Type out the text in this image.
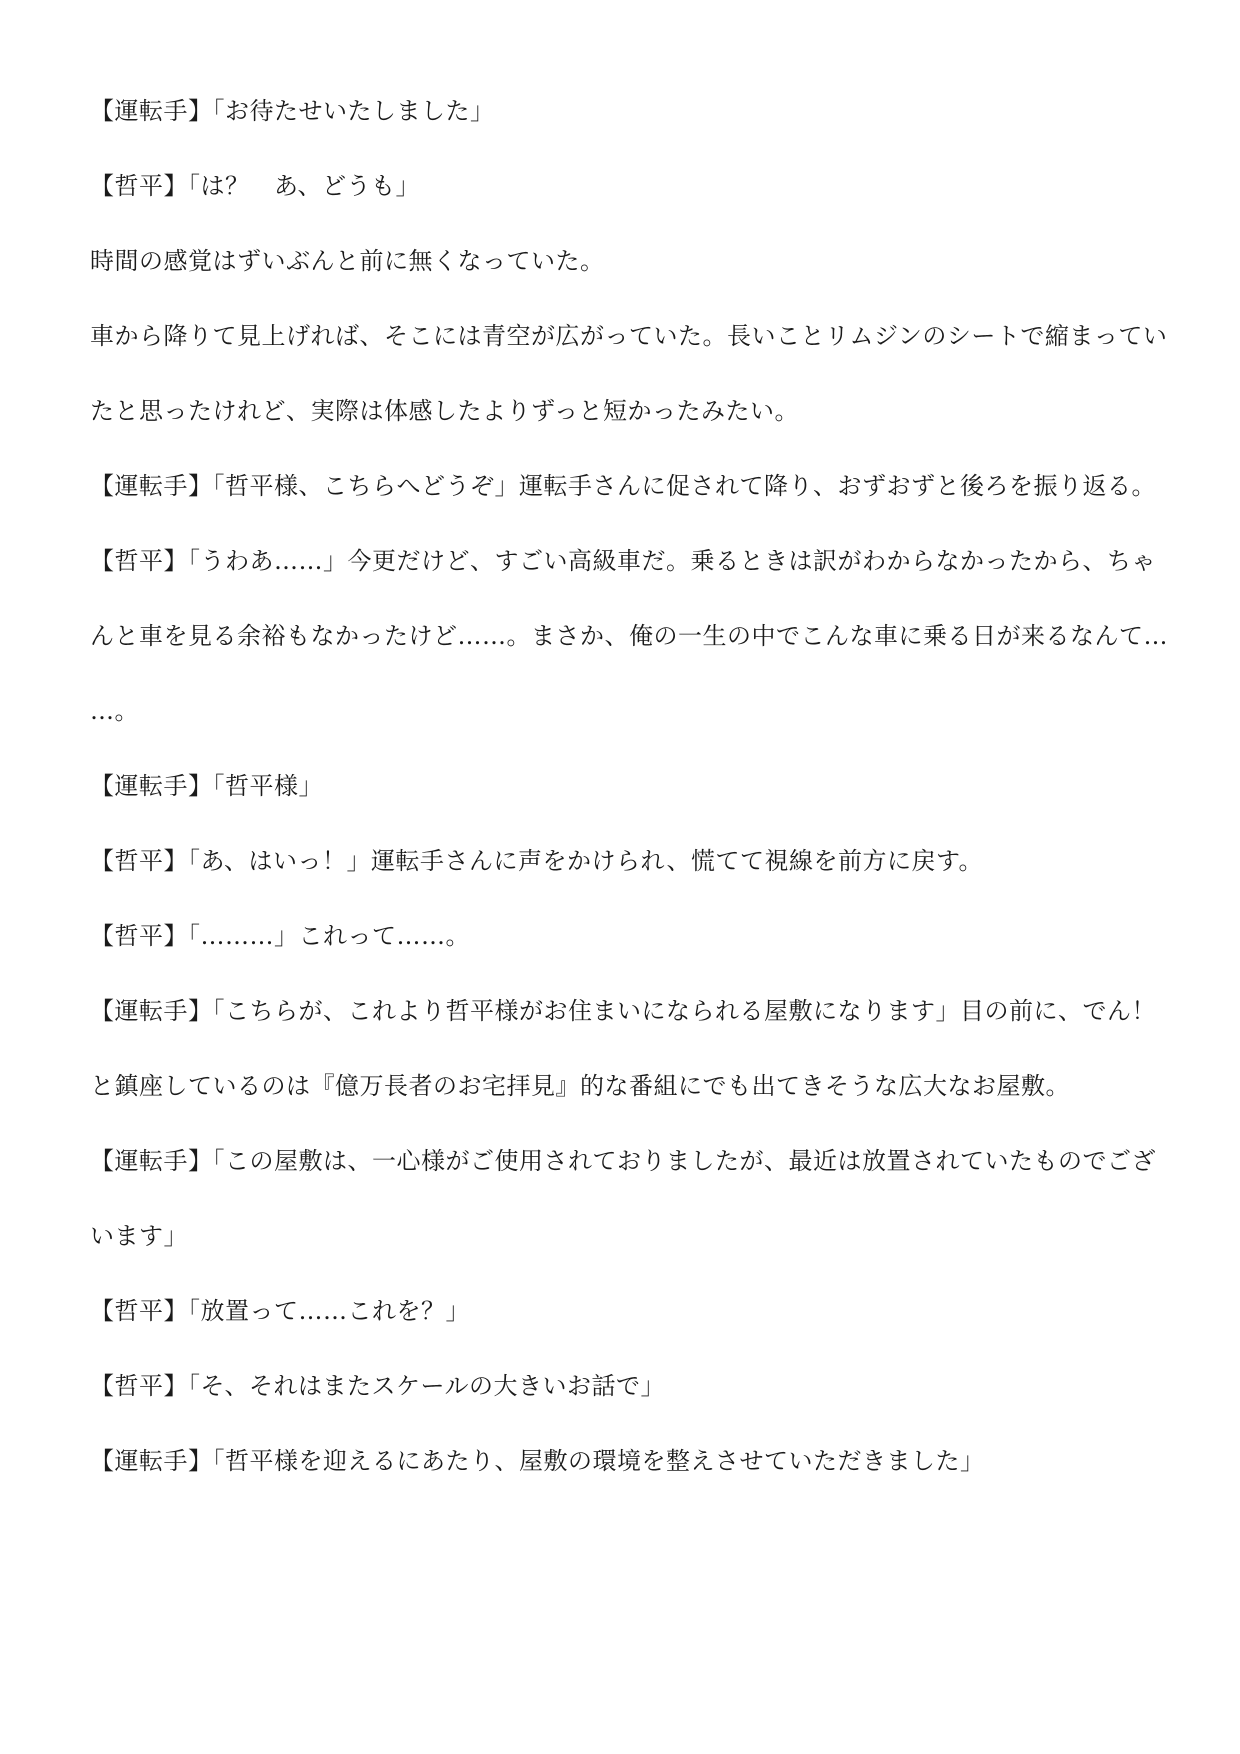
【運転手】「お待たせいたしました」

【哲平】「は？　あ、どうも」

時間の感覚はずいぶんと前に無くなっていた。

車から降りて見上げれば、そこには青空が広がっていた。長いことリムジンのシートで縮まってい

たと思ったけれど、実際は体感したよりずっと短かったみたい。

【運転手】「哲平様、こちらへどうぞ」運転手さんに促されて降り、おずおずと後ろを振り返る。

【哲平】「うわあ……」今更だけど、すごい高級車だ。乗るときは訳がわからなかったから、ちゃ

んと車を見る余裕もなかったけど……。まさか、俺の一生の中でこんな車に乗る日が来るなんて…

…。

【運転手】「哲平様」

【哲平】「あ、はいっ！」運転手さんに声をかけられ、慌てて視線を前方に戻す。

【哲平】「………」これって……。

【運転手】「こちらが、これより哲平様がお住まいになられる屋敷になります」目の前に、でん！

と鎮座しているのは『億万長者のお宅拝見』的な番組にでも出てきそうな広大なお屋敷。

【運転手】「この屋敷は、一心様がご使用されておりましたが、最近は放置されていたものでござ

います」

【哲平】「放置って……これを？」

【哲平】「そ、それはまたスケールの大きいお話で」

【運転手】「哲平様を迎えるにあたり、屋敷の環境を整えさせていただきました」
